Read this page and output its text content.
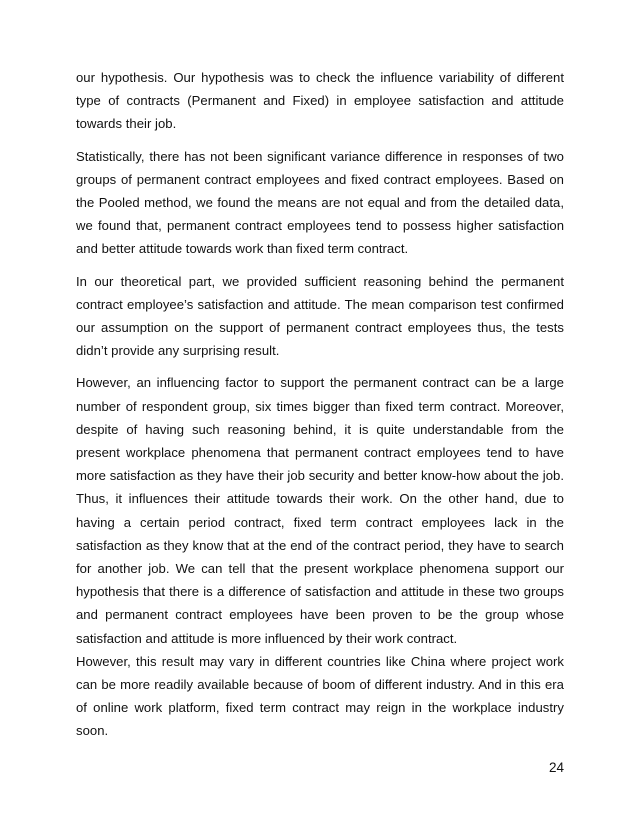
our hypothesis. Our hypothesis was to check the influence variability of different type of contracts (Permanent and Fixed) in employee satisfaction and attitude towards their job.

Statistically, there has not been significant variance difference in responses of two groups of permanent contract employees and fixed contract employees. Based on the Pooled method, we found the means are not equal and from the detailed data, we found that, permanent contract employees tend to possess higher satisfaction and better attitude towards work than fixed term contract.

In our theoretical part, we provided sufficient reasoning behind the permanent contract employee’s satisfaction and attitude. The mean comparison test confirmed our assumption on the support of permanent contract employees thus, the tests didn’t provide any surprising result.

However, an influencing factor to support the permanent contract can be a large number of respondent group, six times bigger than fixed term contract. Moreover, despite of having such reasoning behind, it is quite understandable from the present workplace phenomena that permanent contract employees tend to have more satisfaction as they have their job security and better know-how about the job. Thus, it influences their attitude towards their work. On the other hand, due to having a certain period contract, fixed term contract employees lack in the satisfaction as they know that at the end of the contract period, they have to search for another job. We can tell that the present workplace phenomena support our hypothesis that there is a difference of satisfaction and attitude in these two groups and permanent contract employees have been proven to be the group whose satisfaction and attitude is more influenced by their work contract.

However, this result may vary in different countries like China where project work can be more readily available because of boom of different industry. And in this era of online work platform, fixed term contract may reign in the workplace industry soon.

24
